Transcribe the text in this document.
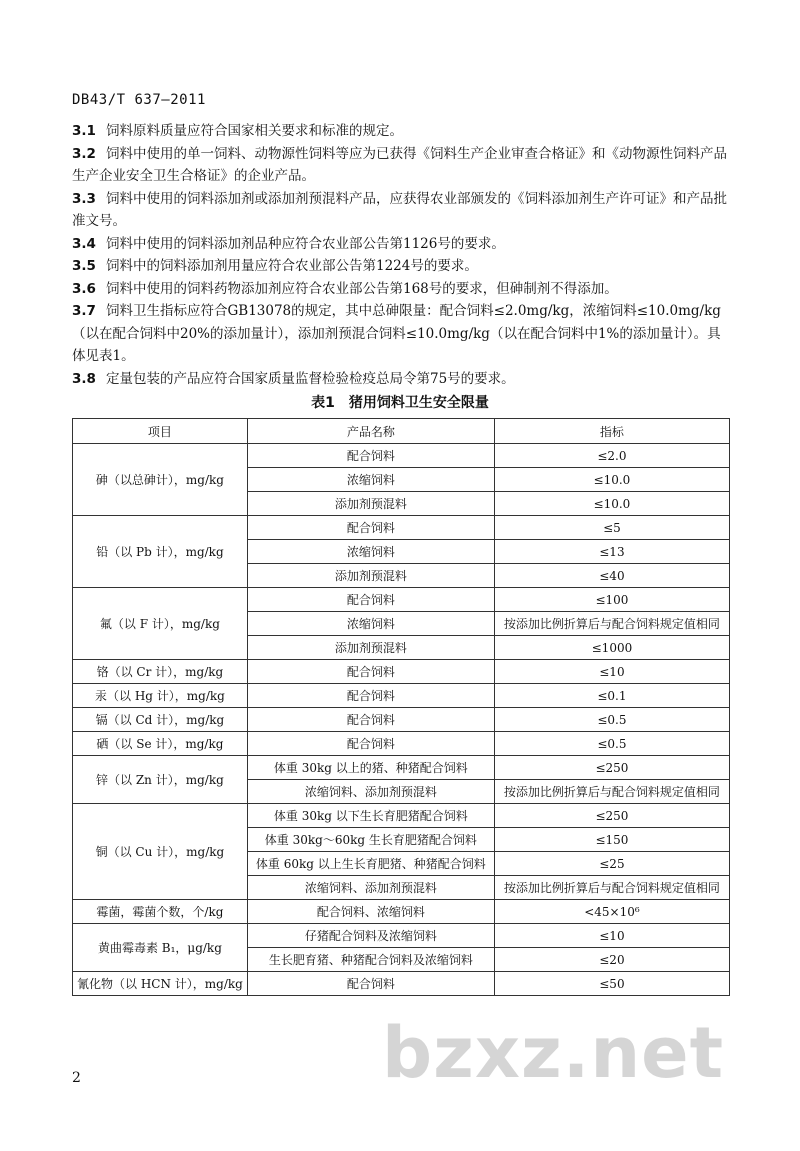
DB43/T 637—2011
3.1 饲料原料质量应符合国家相关要求和标准的规定。
3.2 饲料中使用的单一饲料、动物源性饲料等应为已获得《饲料生产企业审查合格证》和《动物源性饲料产品生产企业安全卫生合格证》的企业产品。
3.3 饲料中使用的饲料添加剂或添加剂预混料产品，应获得农业部颁发的《饲料添加剂生产许可证》和产品批准文号。
3.4 饲料中使用的饲料添加剂品种应符合农业部公告第1126号的要求。
3.5 饲料中的饲料添加剂用量应符合农业部公告第1224号的要求。
3.6 饲料中使用的饲料药物添加剂应符合农业部公告第168号的要求，但砷制剂不得添加。
3.7 饲料卫生指标应符合GB13078的规定，其中总砷限量：配合饲料≤2.0mg/kg，浓缩饲料≤10.0mg/kg（以在配合饲料中20%的添加量计），添加剂预混合饲料≤10.0mg/kg（以在配合饲料中1%的添加量计）。具体见表1。
3.8 定量包装的产品应符合国家质量监督检验检疫总局令第75号的要求。
表1　猪用饲料卫生安全限量
项目	产品名称	指标
砷（以总砷计），mg/kg	配合饲料	≤2.0
	浓缩饲料	≤10.0
	添加剂预混料	≤10.0
铅（以 Pb 计），mg/kg	配合饲料	≤5
	浓缩饲料	≤13
	添加剂预混料	≤40
氟（以 F 计），mg/kg	配合饲料	≤100
	浓缩饲料	按添加比例折算后与配合饲料规定值相同
	添加剂预混料	≤1000
铬（以 Cr 计），mg/kg	配合饲料	≤10
汞（以 Hg 计），mg/kg	配合饲料	≤0.1
镉（以 Cd 计），mg/kg	配合饲料	≤0.5
硒（以 Se 计），mg/kg	配合饲料	≤0.5
锌（以 Zn 计），mg/kg	体重 30kg 以上的猪、种猪配合饲料	≤250
	浓缩饲料、添加剂预混料	按添加比例折算后与配合饲料规定值相同
铜（以 Cu 计），mg/kg	体重 30kg 以下生长育肥猪配合饲料	≤250
	体重 30kg～60kg 生长育肥猪配合饲料	≤150
	体重 60kg 以上生长育肥猪、种猪配合饲料	≤25
	浓缩饲料、添加剂预混料	按添加比例折算后与配合饲料规定值相同
霉菌，霉菌个数，个/kg	配合饲料、浓缩饲料	<45×10⁶
黄曲霉毒素 B₁，μg/kg	仔猪配合饲料及浓缩饲料	≤10
	生长肥育猪、种猪配合饲料及浓缩饲料	≤20
氰化物（以 HCN 计），mg/kg	配合饲料	≤50
2	bzxz.net
